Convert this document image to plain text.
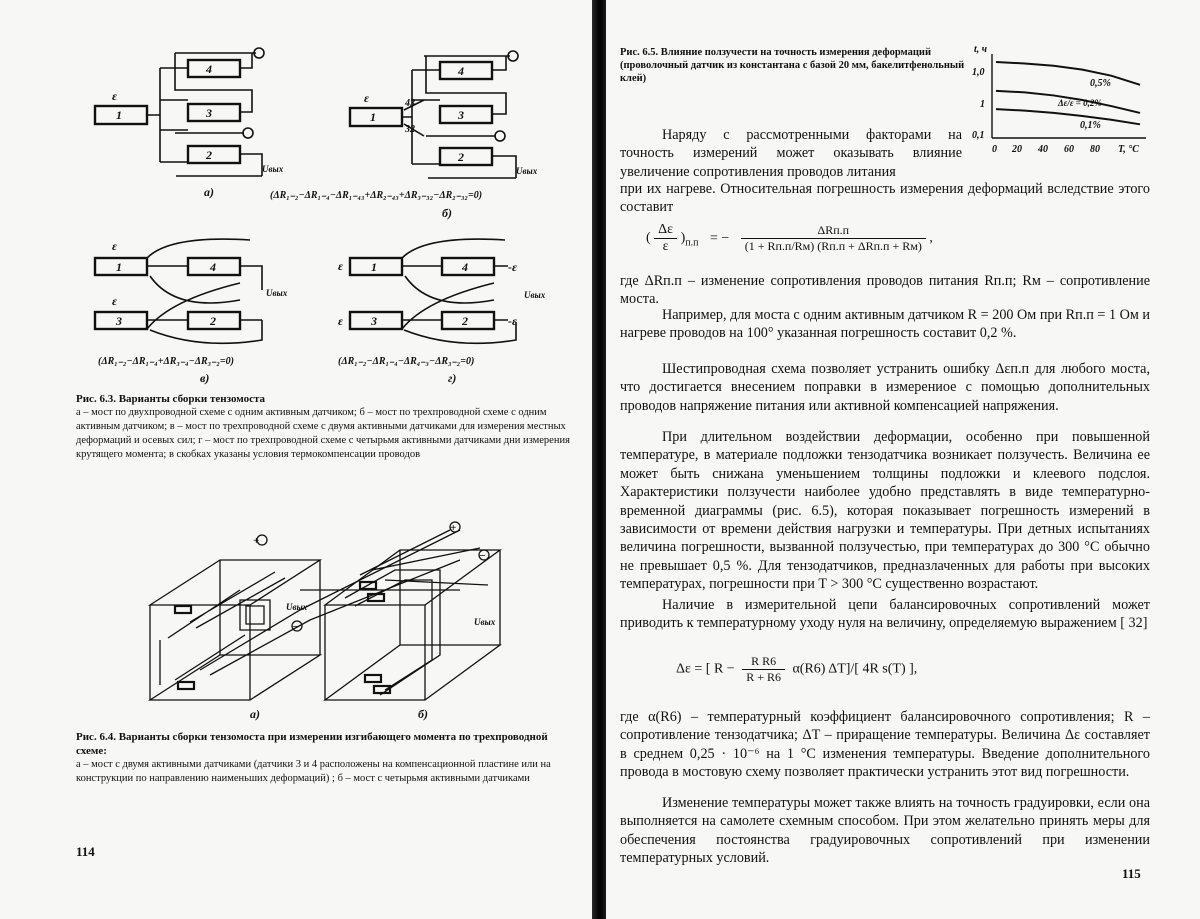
1
4
3
2
ε
Uвых
а)
1
4
3
2
ε	43
32
Uвых
(ΔR₁₋₂−ΔR₁₋₄−ΔR₁₋₄₃+ΔR₂₋₄₃+ΔR₃₋₃₂−ΔR₂₋₃₂=0)
б)
1
3
4
2
ε
ε
Uвых
(ΔR₁₋₂−ΔR₁₋₄+ΔR₃₋₄−ΔR₃₋₂=0)
в)
ε
ε
1
3
4
2
-ε
-ε
Uвых
(ΔR₁₋₂−ΔR₁₋₄−ΔR₄₋₃−ΔR₃₋₂=0)
г)
Рис. 6.3. Варианты сборки тензомоста
а – мост по двухпроводной схеме с одним активным датчиком; б – мост по трехпроводной схеме с одним активным датчиком; в – мост по трехпроводной схеме с двумя активными датчиками для измерения местных деформаций и осевых сил; г – мост по трехпроводной схеме с четырьмя активными датчиками дни измерения крутящего момента; в скобках указаны условия термокомпенсации проводов
+
−
Uвых
а)
+
−
Uвых
б)
Рис. 6.4. Варианты сборки тензомоста при измерении изгибающего момента по трехпроводной схеме:
а – мост с двумя активными датчиками (датчики 3 и 4 расположены на компенсационной пластине или на конструкции по направлению наименьших деформаций) ; б – мост с четырьмя активными датчиками
114
Рис. 6.5. Влияние ползучести на точность измерения деформаций (проволочный датчик из константана с базой 20 мм, бакелитфенольный клей)
t, ч
1,0
1
0,1
0 20 40 60 80 T, °C
0,5%
Δε/ε = 0,2%
0,1%
Наряду с рассмотренными факторами на точность измерений может оказывать влияние увеличение сопротивления проводов литания
при их нагреве. Относительная погрешность измерения деформаций вследствие этого составит
( $\frac{\Delta\varepsilon}{\varepsilon} )_{п.п}$ = − $\frac{\text{ΔRп.п}}{\text{(1 + Rп.п/Rм) (Rп.п + ΔRп.п + Rм)}}$ ,
где ΔRп.п – изменение сопротивления проводов питания Rп.п; Rм – сопротивление моста.
Например, для моста с одним активным датчиком R = 200 Ом при Rп.п = 1 Ом и нагреве проводов на 100° указанная погрешность составит 0,2 %.
Шестипроводная схема позволяет устранить ошибку Δεп.п для любого моста, что достигается внесением поправки в измерениое с помощью дополнительных проводов напряжение питания или активной компенсацией напряжения.
При длительном воздействии деформации, особенно при повышенной температуре, в материале подложки тензодатчика возникает ползучесть. Величина ее может быть снижана уменьшением толщины подложки и клеевого подслоя. Характеристики ползучести наиболее удобно представлять в виде температурно-временной диаграммы (рис. 6.5), которая показывает погрешность измерений в зависимости от времени действия нагрузки и температуры. При детных испытаниях величина погрешности, вызванной ползучестью, при температурах до 300 °C обычно не превышает 0,5 %. Для тензодатчиков, предназлаченных для работы при высоких температурах, погрешности при T > 300 °C существенно возрастают.
Наличие в измерительной цепи балансировочных сопротивлений может приводить к температурному уходу нуля на величину, определяемую выражением [ 32]
Δε = [ $R - \frac{\text{R R6}}{R + R6} \alpha(R6)$ ΔT]/[ 4R s(T) ],
где α(R6) – температурный коэффициент балансировочного сопротивления; R – сопротивление тензодатчика; ΔT – приращение температуры. Величина Δε составляет в среднем 0,25 · 10⁻⁶ на 1 °C изменения температуры. Введение дополнительного провода в мостовую схему позволяет практически устранить этот вид погрешности.
Изменение температуры может также влиять на точность градуировки, если она выполняется на самолете схемным способом. При этом желательно принять меры для обеспечения постоянства градуировочных сопротивлений при изменении температурных условий.
115
